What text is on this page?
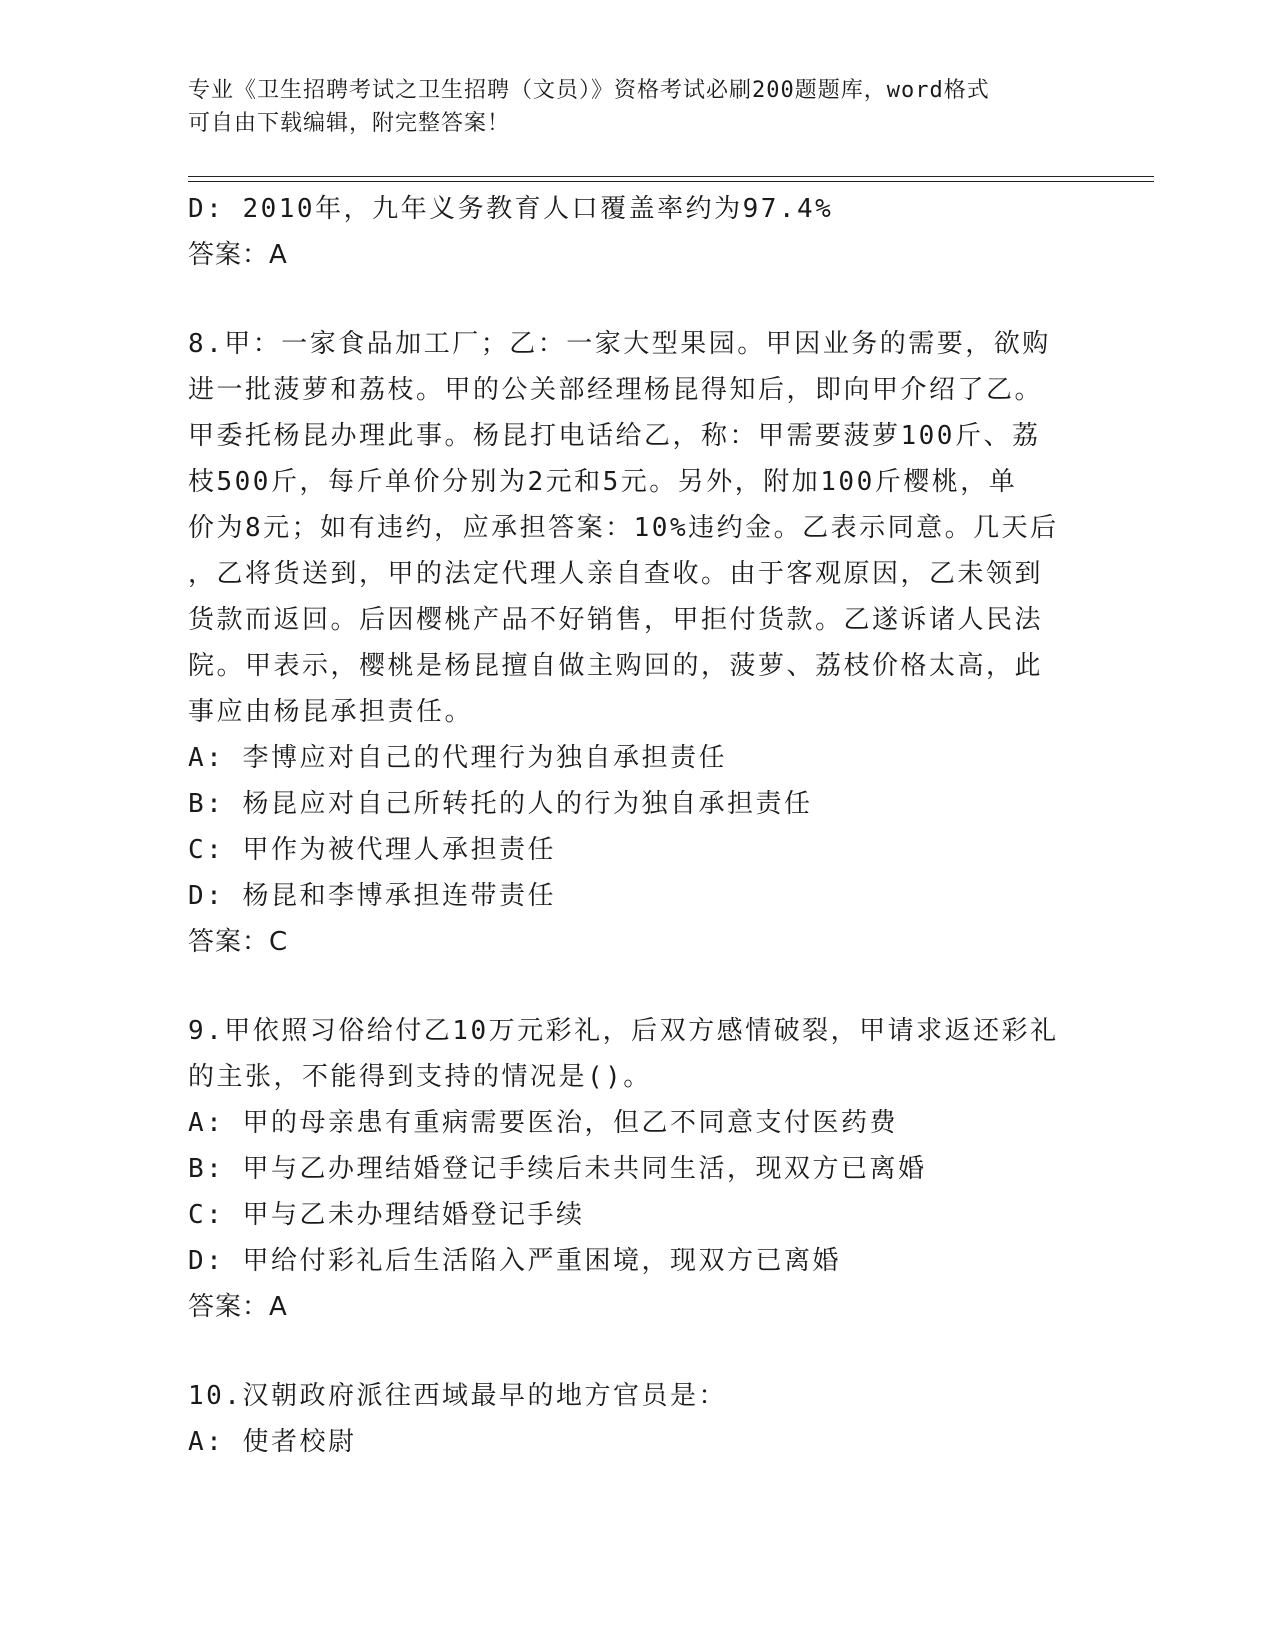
专业《卫生招聘考试之卫生招聘（文员）》资格考试必刷200题题库，word格式
可自由下载编辑，附完整答案！
D: 2010年，九年义务教育人口覆盖率约为97.4%
答案：A
8.甲：一家食品加工厂；乙：一家大型果园。甲因业务的需要，欲购
进一批菠萝和荔枝。甲的公关部经理杨昆得知后，即向甲介绍了乙。
甲委托杨昆办理此事。杨昆打电话给乙，称：甲需要菠萝100斤、荔
枝500斤，每斤单价分别为2元和5元。另外，附加100斤樱桃，单
价为8元；如有违约，应承担答案：10%违约金。乙表示同意。几天后
，乙将货送到，甲的法定代理人亲自查收。由于客观原因，乙未领到
货款而返回。后因樱桃产品不好销售，甲拒付货款。乙遂诉诸人民法
院。甲表示，樱桃是杨昆擅自做主购回的，菠萝、荔枝价格太高，此
事应由杨昆承担责任。
A: 李博应对自己的代理行为独自承担责任
B: 杨昆应对自己所转托的人的行为独自承担责任
C: 甲作为被代理人承担责任
D: 杨昆和李博承担连带责任
答案：C
9.甲依照习俗给付乙10万元彩礼，后双方感情破裂，甲请求返还彩礼
的主张，不能得到支持的情况是()。
A: 甲的母亲患有重病需要医治，但乙不同意支付医药费
B: 甲与乙办理结婚登记手续后未共同生活，现双方已离婚
C: 甲与乙未办理结婚登记手续
D: 甲给付彩礼后生活陷入严重困境，现双方已离婚
答案：A
10.汉朝政府派往西域最早的地方官员是：
A: 使者校尉
